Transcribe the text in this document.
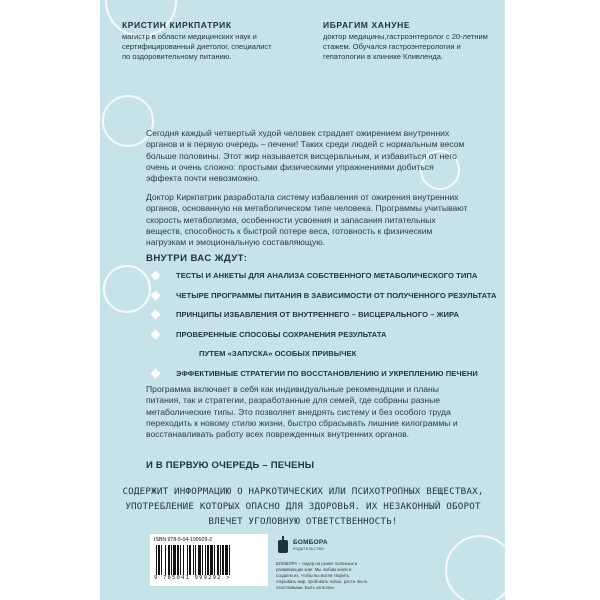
КРИСТИН КИРКПАТРИК
магистр в области медицинских наук и сертифицированный диетолог, специалист по оздоровительному питанию.
ИБРАГИМ ХАНУНЕ
доктор медицины,гастроэнтеролог с 20-летним стажем. Обучался гастроэнтерологии и гепатологии в клинике Кливленда.

Сегодня каждый четвертый худой человек страдает ожирением внутренних органов и в первую очередь – печени! Таких среди людей с нормальным весом больше половины. Этот жир называется висцеральным, и избавиться от него очень и очень сложно: простыми физическими упражнениями добиться эффекта почти невозможно.

Доктор Киркпатрик разработала систему избавления от ожирения внутренних органов, основанную на метаболическом типе человека. Программы учитывают скорость метаболизма, особенности усвоения и запасания питательных веществ, способность к быстрой потере веса, готовность к физическим нагрузкам и эмоциональную составляющую.

ВНУТРИ ВАС ЖДУТ:
ТЕСТЫ И АНКЕТЫ ДЛЯ АНАЛИЗА СОБСТВЕННОГО МЕТАБОЛИЧЕСКОГО ТИПА
ЧЕТЫРЕ ПРОГРАММЫ ПИТАНИЯ В ЗАВИСИМОСТИ ОТ ПОЛУЧЕННОГО РЕЗУЛЬТАТА
ПРИНЦИПЫ ИЗБАВЛЕНИЯ ОТ ВНУТРЕННЕГО – ВИСЦЕРАЛЬНОГО – ЖИРА
ПРОВЕРЕННЫЕ СПОСОБЫ СОХРАНЕНИЯ РЕЗУЛЬТАТА
ПУТЕМ «ЗАПУСКА» ОСОБЫХ ПРИВЫЧЕК
ЭФФЕКТИВНЫЕ СТРАТЕГИИ ПО ВОССТАНОВЛЕНИЮ И УКРЕПЛЕНИЮ ПЕЧЕНИ

Программа включает в себя как индивидуальные рекомендации и планы питания, так и стратегии, разработанные для семей, где собраны разные метаболические типы. Это позволяет внедрять систему и без особого труда переходить к новому стилю жизни, быстро сбрасывать лишние килограммы и восстанавливать работу всех поврежденных внутренних органов.

И В ПЕРВУЮ ОЧЕРЕДЬ – ПЕЧЕНЫ
СОДЕРЖИТ ИНФОРМАЦИЮ О НАРКОТИЧЕСКИХ ИЛИ ПСИХОТРОПНЫХ ВЕЩЕСТВАХ, УПОТРЕБЛЕНИЕ КОТОРЫХ ОПАСНО ДЛЯ ЗДОРОВЬЯ. ИХ НЕЗАКОННЫЙ ОБОРОТ ВЛЕЧЕТ УГОЛОВНУЮ ОТВЕТСТВЕННОСТЬ!
ISBN 978-5-04-199929-2
9 785041 999292 >
БОМБОРА
ИЗДАТЕЛЬСТВО
БОМБОРА – лидер на рынке полезных и развивающих книг. Мы любим книги и создаем их, чтобы вы могли творить, открывать мир, пробовать новое, расти. Быть счастливыми. Быть на волне.
